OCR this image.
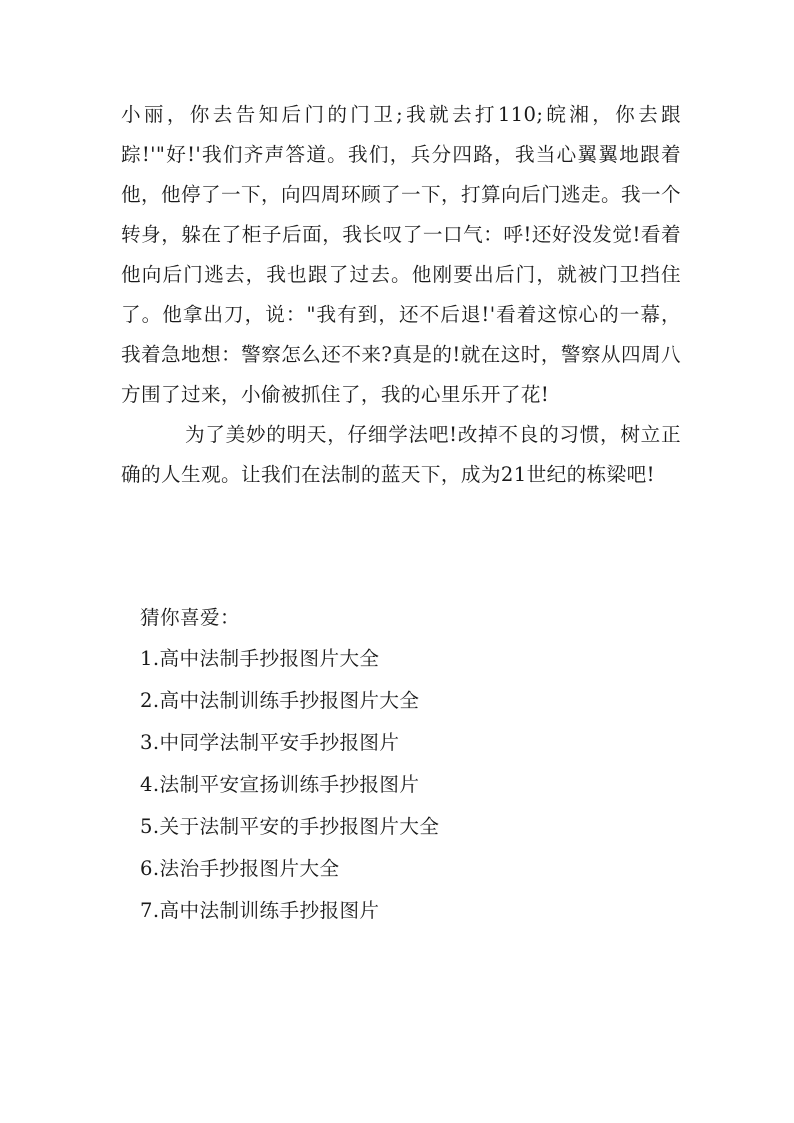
小丽，你去告知后门的门卫;我就去打110;皖湘，你去跟踪!'"好!'我们齐声答道。我们，兵分四路，我当心翼翼地跟着他，他停了一下，向四周环顾了一下，打算向后门逃走。我一个转身，躲在了柜子后面，我长叹了一口气：呼!还好没发觉!看着他向后门逃去，我也跟了过去。他刚要出后门，就被门卫挡住了。他拿出刀，说："我有到，还不后退!'看着这惊心的一幕，我着急地想：警察怎么还不来?真是的!就在这时，警察从四周八方围了过来，小偷被抓住了，我的心里乐开了花!

为了美妙的明天，仔细学法吧!改掉不良的习惯，树立正确的人生观。让我们在法制的蓝天下，成为21世纪的栋梁吧!

猜你喜爱：

1.高中法制手抄报图片大全
2.高中法制训练手抄报图片大全
3.中同学法制平安手抄报图片
4.法制平安宣扬训练手抄报图片
5.关于法制平安的手抄报图片大全
6.法治手抄报图片大全
7.高中法制训练手抄报图片
